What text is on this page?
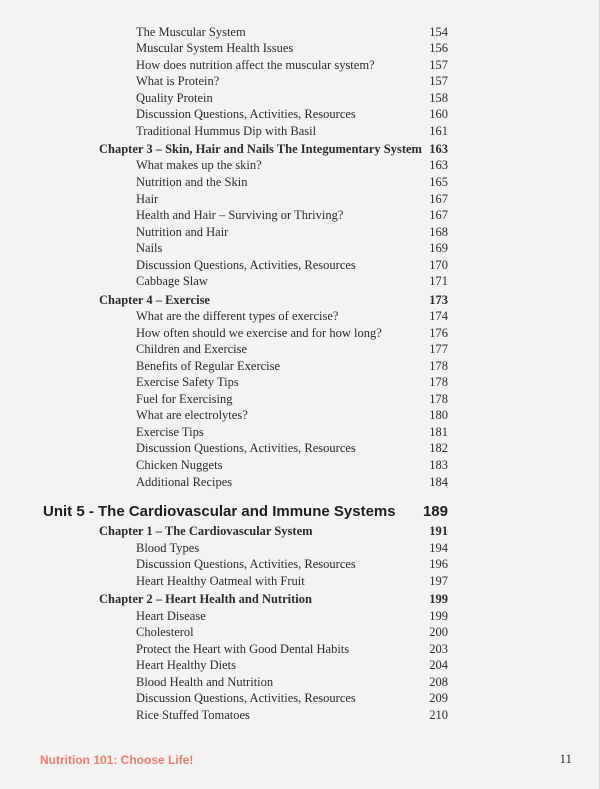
The Muscular System	154
Muscular System Health Issues	156
How does nutrition affect the muscular system?	157
What is Protein?	157
Quality Protein	158
Discussion Questions, Activities, Resources	160
Traditional Hummus Dip with Basil	161
Chapter 3 – Skin, Hair and Nails The Integumentary System 163
What makes up the skin?	163
Nutrition and the Skin	165
Hair	167
Health and Hair – Surviving or Thriving?	167
Nutrition and Hair	168
Nails	169
Discussion Questions, Activities, Resources	170
Cabbage Slaw	171
Chapter 4 – Exercise	173
What are the different types of exercise?	174
How often should we exercise and for how long?	176
Children and Exercise	177
Benefits of Regular Exercise	178
Exercise Safety Tips	178
Fuel for Exercising	178
What are electrolytes?	180
Exercise Tips	181
Discussion Questions, Activities, Resources	182
Chicken Nuggets	183
Additional Recipes	184
Unit 5 - The Cardiovascular and Immune Systems 189
Chapter 1 – The Cardiovascular System	191
Blood Types	194
Discussion Questions, Activities, Resources	196
Heart Healthy Oatmeal with Fruit	197
Chapter 2 – Heart Health and Nutrition	199
Heart Disease	199
Cholesterol	200
Protect the Heart with Good Dental Habits	203
Heart Healthy Diets	204
Blood Health and Nutrition	208
Discussion Questions, Activities, Resources	209
Rice Stuffed Tomatoes	210
Nutrition 101: Choose Life!	11
